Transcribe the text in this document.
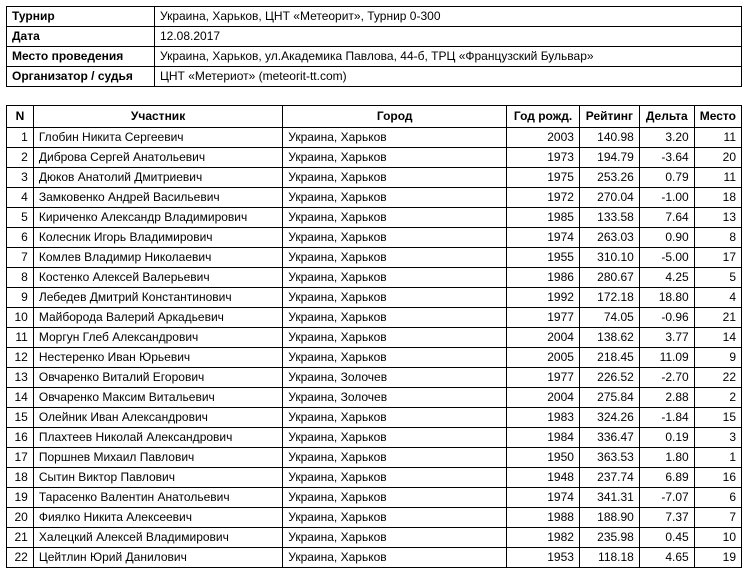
Турнир	Украина, Харьков, ЦНТ «Метеорит», Турнир 0-300
Дата	12.08.2017
Место проведения	Украина, Харьков, ул.Академика Павлова, 44-б, ТРЦ «Французский Бульвар»
Организатор / судья	ЦНТ «Метериот» (meteorit-tt.com)
N	Участник	Город	Год рожд.	Рейтинг	Дельта	Место
1	Глобин Никита Сергеевич	Украина, Харьков	2003	140.98	3.20	11
2	Диброва Сергей Анатольевич	Украина, Харьков	1973	194.79	-3.64	20
3	Дюков Анатолий Дмитриевич	Украина, Харьков	1975	253.26	0.79	11
4	Замковенко Андрей Васильевич	Украина, Харьков	1972	270.04	-1.00	18
5	Кириченко Александр Владимирович	Украина, Харьков	1985	133.58	7.64	13
6	Колесник Игорь Владимирович	Украина, Харьков	1974	263.03	0.90	8
7	Комлев Владимир Николаевич	Украина, Харьков	1955	310.10	-5.00	17
8	Костенко Алексей Валерьевич	Украина, Харьков	1986	280.67	4.25	5
9	Лебедев Дмитрий Константинович	Украина, Харьков	1992	172.18	18.80	4
10	Майборода Валерий Аркадьевич	Украина, Харьков	1977	74.05	-0.96	21
11	Моргун Глеб Александрович	Украина, Харьков	2004	138.62	3.77	14
12	Нестеренко Иван Юрьевич	Украина, Харьков	2005	218.45	11.09	9
13	Овчаренко Виталий Егорович	Украина, Золочев	1977	226.52	-2.70	22
14	Овчаренко Максим Витальевич	Украина, Золочев	2004	275.84	2.88	2
15	Олейник Иван Александрович	Украина, Харьков	1983	324.26	-1.84	15
16	Плахтеев Николай Александрович	Украина, Харьков	1984	336.47	0.19	3
17	Поршнев Михаил Павлович	Украина, Харьков	1950	363.53	1.80	1
18	Сытин Виктор Павлович	Украина, Харьков	1948	237.74	6.89	16
19	Тарасенко Валентин Анатольевич	Украина, Харьков	1974	341.31	-7.07	6
20	Фиялко Никита Алексеевич	Украина, Харьков	1988	188.90	7.37	7
21	Халецкий Алексей Владимирович	Украина, Харьков	1982	235.98	0.45	10
22	Цейтлин Юрий Данилович	Украина, Харьков	1953	118.18	4.65	19
